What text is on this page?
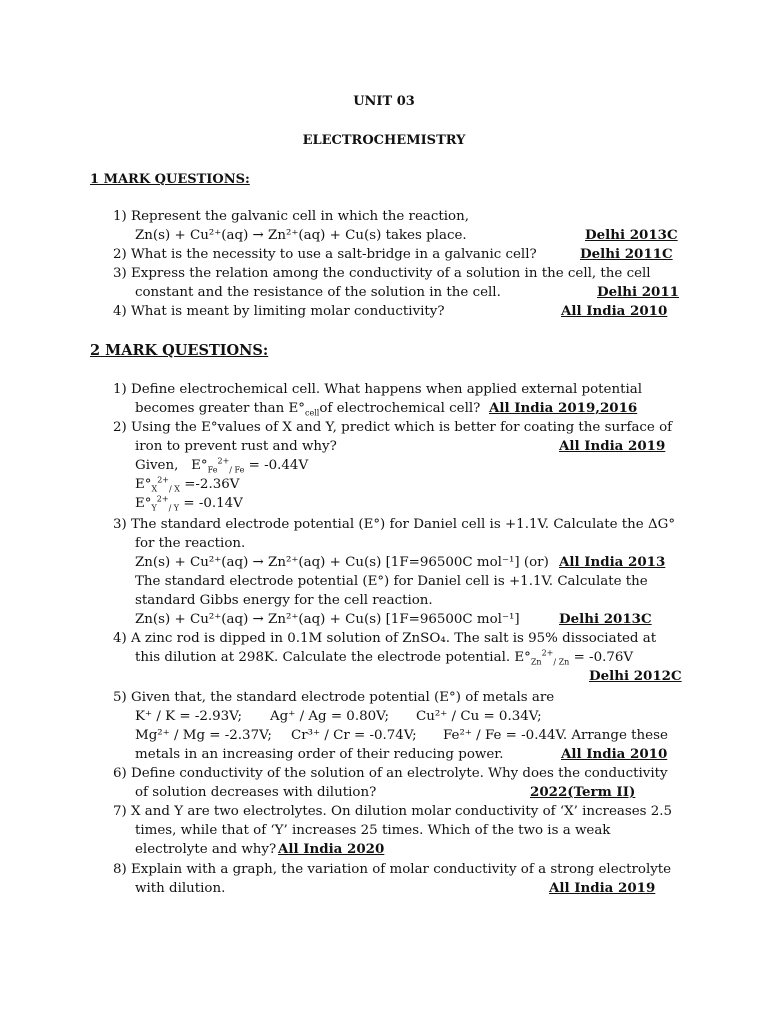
UNIT 03
ELECTROCHEMISTRY
1 MARK QUESTIONS:
1) Represent the galvanic cell in which the reaction,
Zn(s) + Cu²⁺(aq) → Zn²⁺(aq) + Cu(s) takes place.	Delhi 2013C
2) What is the necessity to use a salt-bridge in a galvanic cell?	Delhi 2011C
3) Express the relation among the conductivity of a solution in the cell, the cell
constant and the resistance of the solution in the cell.	Delhi 2011
4) What is meant by limiting molar conductivity?	All India 2010
2 MARK QUESTIONS:
1) Define electrochemical cell. What happens when applied external potential
becomes greater than $E^\circ_{cell}of$ electrochemical cell? All India 2019,2016
2) Using the E°values of X and Y, predict which is better for coating the surface of
iron to prevent rust and why?	All India 2019
Given, $E^\circ_{Fe}^{2+}_{/ Fe} = -0.44V$
$E^\circ_X^{2+}_{/ X} =-2.36V$
$E^\circ_Y^{2+}_{/ Y} = -0.14V$
3) The standard electrode potential (E°) for Daniel cell is +1.1V. Calculate the ΔG°
for the reaction.
Zn(s) + Cu²⁺(aq) → Zn²⁺(aq) + Cu(s) [1F=96500C mol⁻¹] (or) All India 2013
The standard electrode potential (E°) for Daniel cell is +1.1V. Calculate the
standard Gibbs energy for the cell reaction.
Zn(s) + Cu²⁺(aq) → Zn²⁺(aq) + Cu(s) [1F=96500C mol⁻¹]	Delhi 2013C
4) A zinc rod is dipped in 0.1M solution of ZnSO₄. The salt is 95% dissociated at
this dilution at 298K. Calculate the electrode potential. $E^\circ_{Zn}^{2+}_{/ Zn} = -0.76V$
Delhi 2012C
5) Given that, the standard electrode potential (E°) of metals are
K⁺ / K = -2.93V; Ag⁺ / Ag = 0.80V; Cu²⁺ / Cu = 0.34V;
Mg²⁺ / Mg = -2.37V; Cr³⁺ / Cr = -0.74V; Fe²⁺ / Fe = -0.44V. Arrange these
metals in an increasing order of their reducing power.	All India 2010
6) Define conductivity of the solution of an electrolyte. Why does the conductivity
of solution decreases with dilution?	2022(Term II)
7) X and Y are two electrolytes. On dilution molar conductivity of ‘X’ increases 2.5
times, while that of ‘Y’ increases 25 times. Which of the two is a weak
electrolyte and why? All India 2020
8) Explain with a graph, the variation of molar conductivity of a strong electrolyte
with dilution.	All India 2019
